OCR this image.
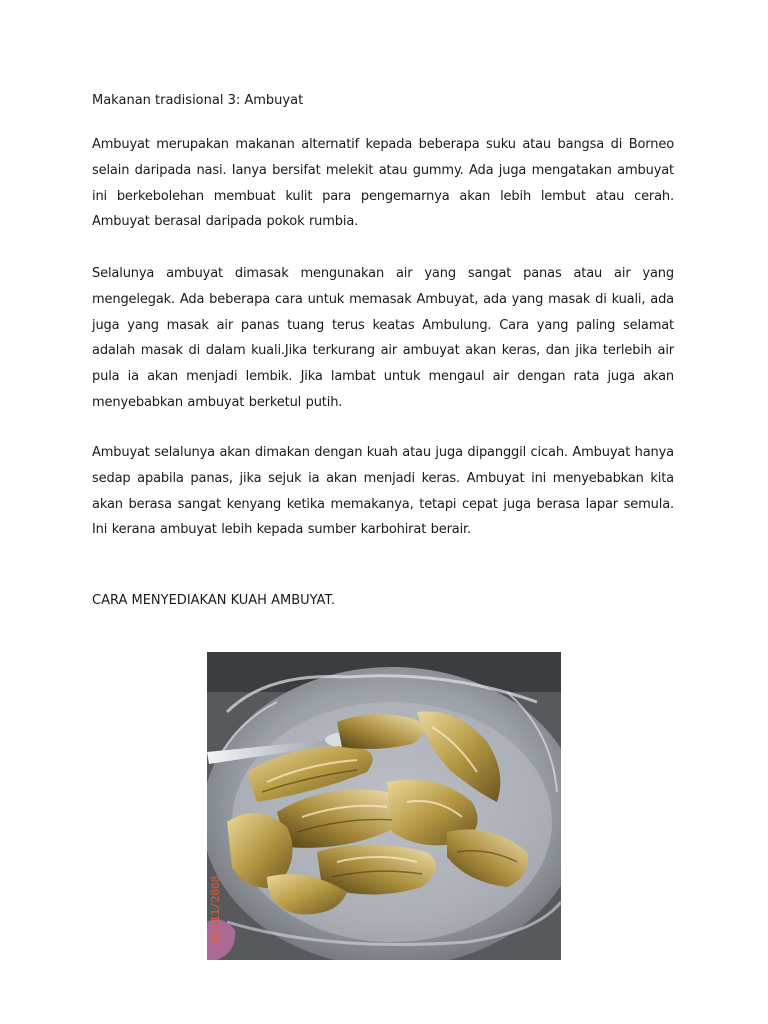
Makanan tradisional 3: Ambuyat

Ambuyat merupakan makanan alternatif kepada beberapa suku atau bangsa di Borneo selain daripada nasi. Ianya bersifat melekit atau gummy. Ada juga mengatakan ambuyat ini berkebolehan membuat kulit para pengemarnya akan lebih lembut atau cerah. Ambuyat berasal daripada pokok rumbia.

Selalunya ambuyat dimasak mengunakan air yang sangat panas atau air yang mengelegak. Ada beberapa cara untuk memasak Ambuyat, ada yang masak di kuali, ada juga yang masak air panas tuang terus keatas Ambulung. Cara yang paling selamat adalah masak di dalam kuali.Jika terkurang air ambuyat akan keras, dan jika terlebih air pula ia akan menjadi lembik. Jika lambat untuk mengaul air dengan rata juga akan menyebabkan ambuyat berketul putih.

Ambuyat selalunya akan dimakan dengan kuah atau juga dipanggil cicah. Ambuyat hanya sedap apabila panas, jika sejuk ia akan menjadi keras. Ambuyat ini menyebabkan kita akan berasa sangat kenyang ketika memakanya, tetapi cepat juga berasa lapar semula. Ini kerana ambuyat lebih kepada sumber karbohirat berair.

CARA MENYEDIAKAN KUAH AMBUYAT.
01/11/2008
